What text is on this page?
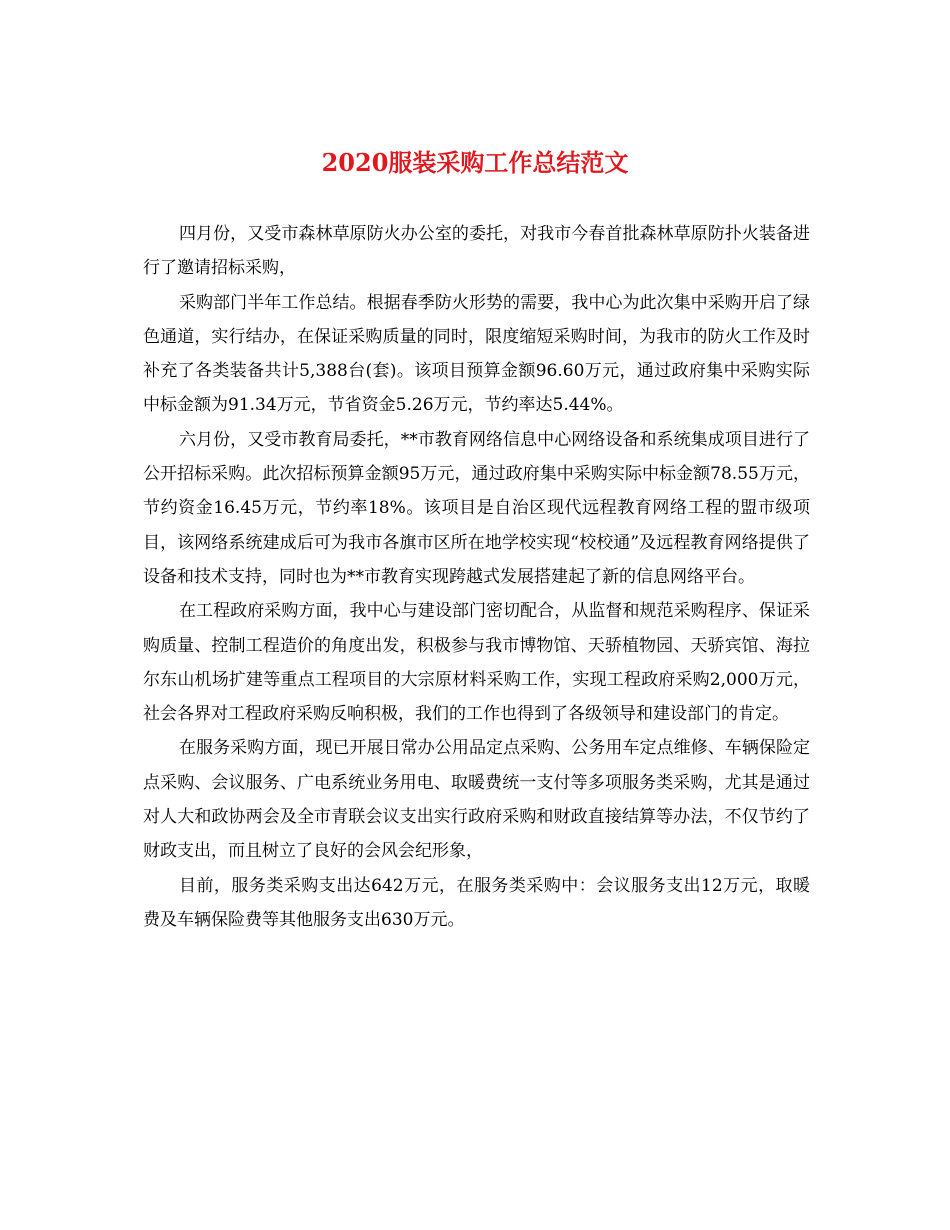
2020服装采购工作总结范文

四月份，又受市森林草原防火办公室的委托，对我市今春首批森林草原防扑火装备进行了邀请招标采购，

采购部门半年工作总结。根据春季防火形势的需要，我中心为此次集中采购开启了绿色通道，实行结办，在保证采购质量的同时，限度缩短采购时间，为我市的防火工作及时补充了各类装备共计5,388台(套)。该项目预算金额96.60万元，通过政府集中采购实际中标金额为91.34万元，节省资金5.26万元，节约率达5.44%。

六月份，又受市教育局委托，**市教育网络信息中心网络设备和系统集成项目进行了公开招标采购。此次招标预算金额95万元，通过政府集中采购实际中标金额78.55万元，节约资金16.45万元，节约率18%。该项目是自治区现代远程教育网络工程的盟市级项目，该网络系统建成后可为我市各旗市区所在地学校实现“校校通”及远程教育网络提供了设备和技术支持，同时也为**市教育实现跨越式发展搭建起了新的信息网络平台。

在工程政府采购方面，我中心与建设部门密切配合，从监督和规范采购程序、保证采购质量、控制工程造价的角度出发，积极参与我市博物馆、天骄植物园、天骄宾馆、海拉尔东山机场扩建等重点工程项目的大宗原材料采购工作，实现工程政府采购2,000万元，社会各界对工程政府采购反响积极，我们的工作也得到了各级领导和建设部门的肯定。

在服务采购方面，现已开展日常办公用品定点采购、公务用车定点维修、车辆保险定点采购、会议服务、广电系统业务用电、取暖费统一支付等多项服务类采购，尤其是通过对人大和政协两会及全市青联会议支出实行政府采购和财政直接结算等办法，不仅节约了财政支出，而且树立了良好的会风会纪形象，

目前，服务类采购支出达642万元，在服务类采购中：会议服务支出12万元，取暖费及车辆保险费等其他服务支出630万元。
